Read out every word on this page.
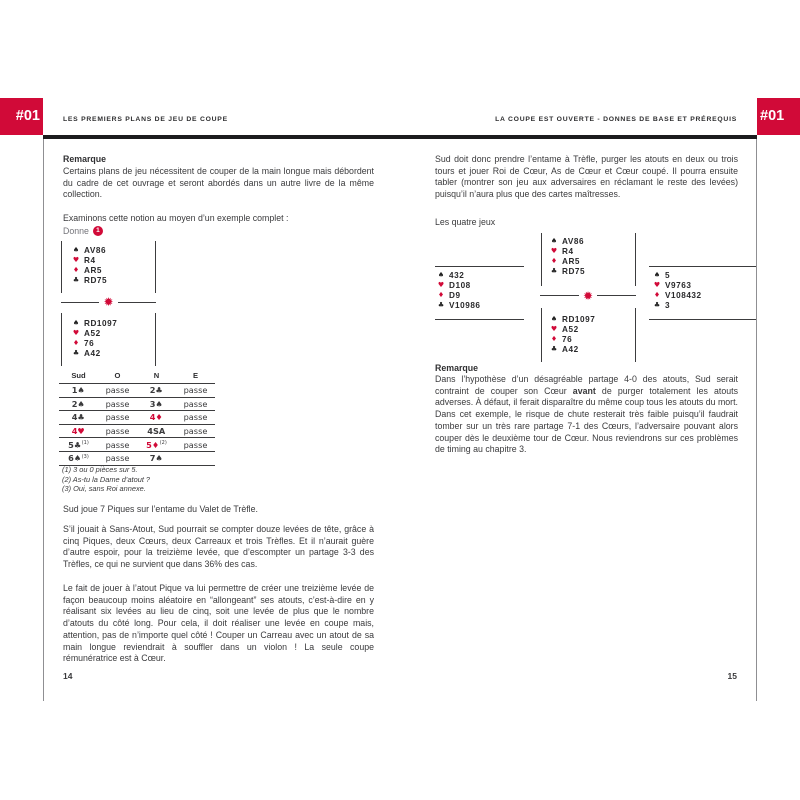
#01	#01
LES PREMIERS PLANS DE JEU DE COUPE	LA COUPE EST OUVERTE - DONNES DE BASE ET PRÉREQUIS
Remarque
Certains plans de jeu nécessitent de couper de la main longue mais débordent du cadre de cet ouvrage et seront abordés dans un autre livre de la même collection.
Examinons cette notion au moyen d’un exemple complet :
Donne	1
♠ AV86
♥ R4
♦ AR5
♣ RD75
✹
♠ RD1097
♥ A52
♦ 76
♣ A42
Sud	O	N	E
1♠	passe	2♣	passe
2♠	passe	3♠	passe
4♣	passe	4♦	passe
4♥	passe	4SA	passe
5♣$^{(1)}$	passe	5♦$^{(2)}$	passe
6♠$^{(3)}$	passe	7♠	
(1) 3 ou 0 pièces sur 5.
(2) As-tu la Dame d’atout ?
(3) Oui, sans Roi annexe.
Sud joue 7 Piques sur l’entame du Valet de Trèfle.
S’il jouait à Sans-Atout, Sud pourrait se compter douze levées de tête, grâce à cinq Piques, deux Cœurs, deux Carreaux et trois Trèfles. Et il n’aurait guère d’autre espoir, pour la treizième levée, que d’escompter un partage 3-3 des Trèfles, ce qui ne survient que dans 36% des cas.
Le fait de jouer à l’atout Pique va lui permettre de créer une treizième levée de façon beaucoup moins aléatoire en “allongeant” ses atouts, c’est-à-dire en y réalisant six levées au lieu de cinq, soit une levée de plus que le nombre d’atouts du côté long. Pour cela, il doit réaliser une levée en coupe mais, attention, pas de n’importe quel côté ! Couper un Carreau avec un atout de sa main longue reviendrait à souffler dans un violon ! La seule coupe rémunératrice est à Cœur.
14
Sud doit donc prendre l’entame à Trèfle, purger les atouts en deux ou trois tours et jouer Roi de Cœur, As de Cœur et Cœur coupé. Il pourra ensuite tabler (montrer son jeu aux adversaires en réclamant le reste des levées) puisqu’il n’aura plus que des cartes maîtresses.
Les quatre jeux
♠ AV86
♥ R4
♦ AR5
♣ RD75
♠ 432
♥ D108
♦ D9
♣ V10986
✹
♠ 5
♥ V9763
♦ V108432
♣ 3
♠ RD1097
♥ A52
♦ 76
♣ A42
Remarque
Dans l’hypothèse d’un désagréable partage 4-0 des atouts, Sud serait contraint de couper son Cœur avant de purger totalement les atouts adverses. À défaut, il ferait disparaître du même coup tous les atouts du mort. Dans cet exemple, le risque de chute resterait très faible puisqu’il faudrait tomber sur un très rare partage 7-1 des Cœurs, l’adversaire pouvant alors couper dès le deuxième tour de Cœur. Nous reviendrons sur ces problèmes de timing au chapitre 3.
15
